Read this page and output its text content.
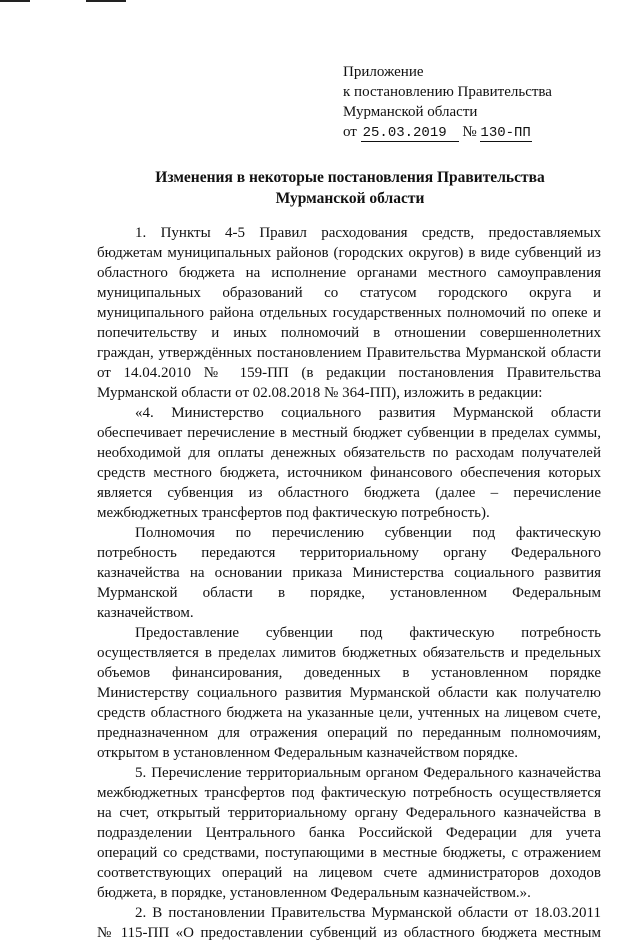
Приложение
к постановлению Правительства
Мурманской области
от 25.03.2019 № 130-ПП
Изменения в некоторые постановления Правительства
Мурманской области

1. Пункты 4-5 Правил расходования средств, предоставляемых

бюджетам муниципальных районов (городских округов) в виде субвенций из

областного бюджета на исполнение органами местного самоуправления

муниципальных образований со статусом городского округа и

муниципального района отдельных государственных полномочий по опеке и

попечительству и иных полномочий в отношении совершеннолетних

граждан, утверждённых постановлением Правительства Мурманской области

от 14.04.2010 № 159-ПП (в редакции постановления Правительства

Мурманской области от 02.08.2018 № 364-ПП), изложить в редакции:

«4. Министерство социального развития Мурманской области

обеспечивает перечисление в местный бюджет субвенции в пределах суммы,

необходимой для оплаты денежных обязательств по расходам получателей

средств местного бюджета, источником финансового обеспечения которых

является субвенция из областного бюджета (далее – перечисление

межбюджетных трансфертов под фактическую потребность).

Полномочия по перечислению субвенции под фактическую

потребность передаются территориальному органу Федерального

казначейства на основании приказа Министерства социального развития

Мурманской области в порядке, установленном Федеральным

казначейством.

Предоставление субвенции под фактическую потребность

осуществляется в пределах лимитов бюджетных обязательств и предельных

объемов финансирования, доведенных в установленном порядке

Министерству социального развития Мурманской области как получателю

средств областного бюджета на указанные цели, учтенных на лицевом счете,

предназначенном для отражения операций по переданным полномочиям,

открытом в установленном Федеральным казначейством порядке.

5. Перечисление территориальным органом Федерального казначейства

межбюджетных трансфертов под фактическую потребность осуществляется

на счет, открытый территориальному органу Федерального казначейства в

подразделении Центрального банка Российской Федерации для учета

операций со средствами, поступающими в местные бюджеты, с отражением

соответствующих операций на лицевом счете администраторов доходов

бюджета, в порядке, установленном Федеральным казначейством.».

2. В постановлении Правительства Мурманской области от 18.03.2011

№ 115-ПП «О предоставлении субвенций из областного бюджета местным
